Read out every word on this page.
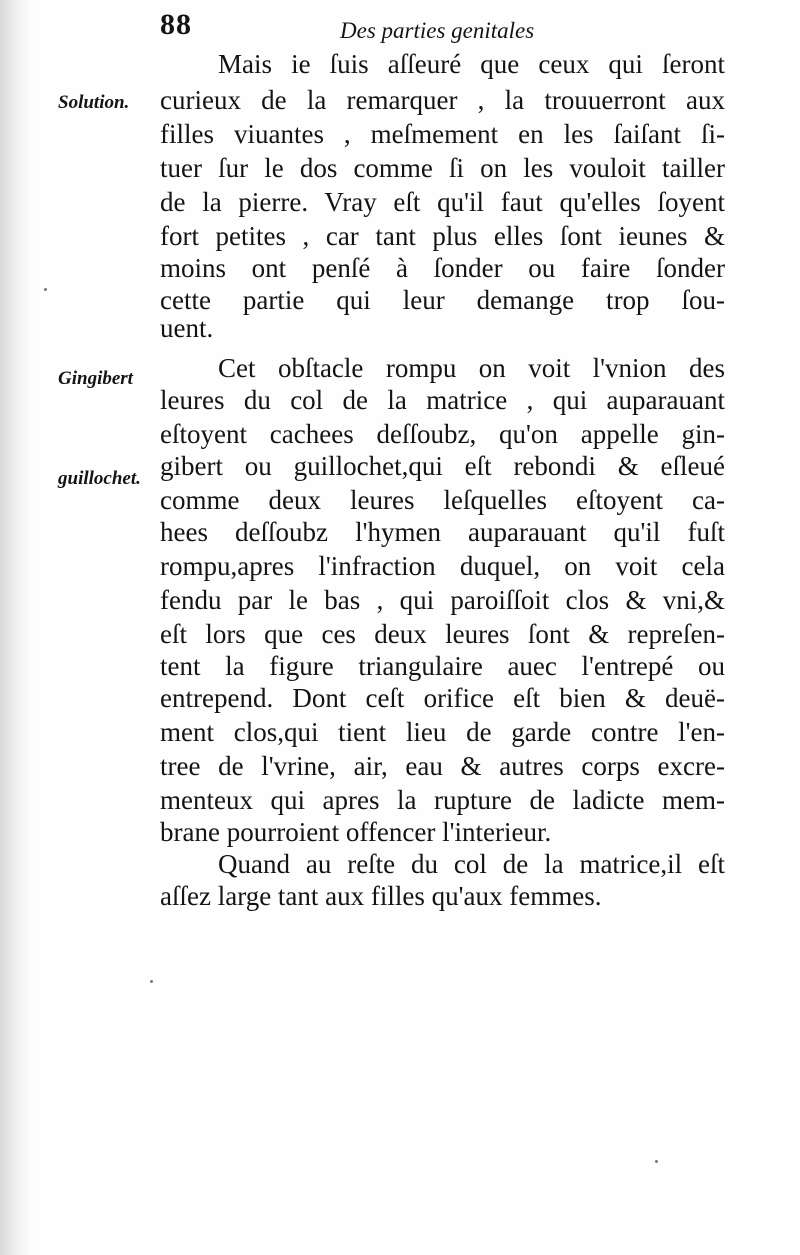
88	Des parties genitales
Solution.
Gingibert
guillochet.
Mais ie ſuis aſſeuré que ceux qui ſeront
curieux de la remarquer , la trouuerront aux
filles viuantes , meſmement en les ſaiſant ſi-
tuer ſur le dos comme ſi on les vouloit tailler
de la pierre. Vray eſt qu'il faut qu'elles ſoyent
fort petites , car tant plus elles ſont ieunes &
moins ont penſé à ſonder ou faire ſonder
cette partie qui leur demange trop ſou-
uent.
Cet obſtacle rompu on voit l'vnion des
leures du col de la matrice , qui auparauant
eſtoyent cachees deſſoubz, qu'on appelle gin-
gibert ou guillochet,qui eſt rebondi & eſleué
comme deux leures leſquelles eſtoyent ca-
hees deſſoubz l'hymen auparauant qu'il fuſt
rompu,apres l'infraction duquel, on voit cela
fendu par le bas , qui paroiſſoit clos & vni,&
eſt lors que ces deux leures ſont & repreſen-
tent la figure triangulaire auec l'entrepé ou
entrepend. Dont ceſt orifice eſt bien & deuë-
ment clos,qui tient lieu de garde contre l'en-
tree de l'vrine, air, eau & autres corps excre-
menteux qui apres la rupture de ladicte mem-
brane pourroient offencer l'interieur.
Quand au reſte du col de la matrice,il eſt
aſſez large tant aux filles qu'aux femmes.
